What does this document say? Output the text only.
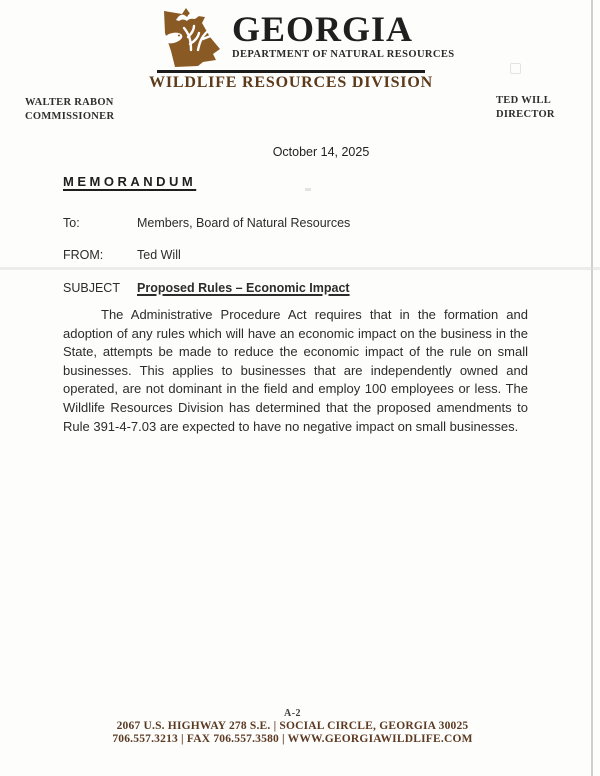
GEORGIA
DEPARTMENT OF NATURAL RESOURCES
WILDLIFE RESOURCES DIVISION
WALTER RABON
COMMISSIONER
TED WILL
DIRECTOR
October 14, 2025
MEMORANDUM
To:	Members, Board of Natural Resources
FROM:	Ted Will
SUBJECT Proposed Rules – Economic Impact
The Administrative Procedure Act requires that in the formation and adoption of any rules which will have an economic impact on the business in the State, attempts be made to reduce the economic impact of the rule on small businesses. This applies to businesses that are independently owned and operated, are not dominant in the field and employ 100 employees or less. The Wildlife Resources Division has determined that the proposed amendments to Rule 391-4-7.03 are expected to have no negative impact on small businesses.
A-2
2067 U.S. HIGHWAY 278 S.E. | SOCIAL CIRCLE, GEORGIA 30025
706.557.3213 | FAX 706.557.3580 | WWW.GEORGIAWILDLIFE.COM
